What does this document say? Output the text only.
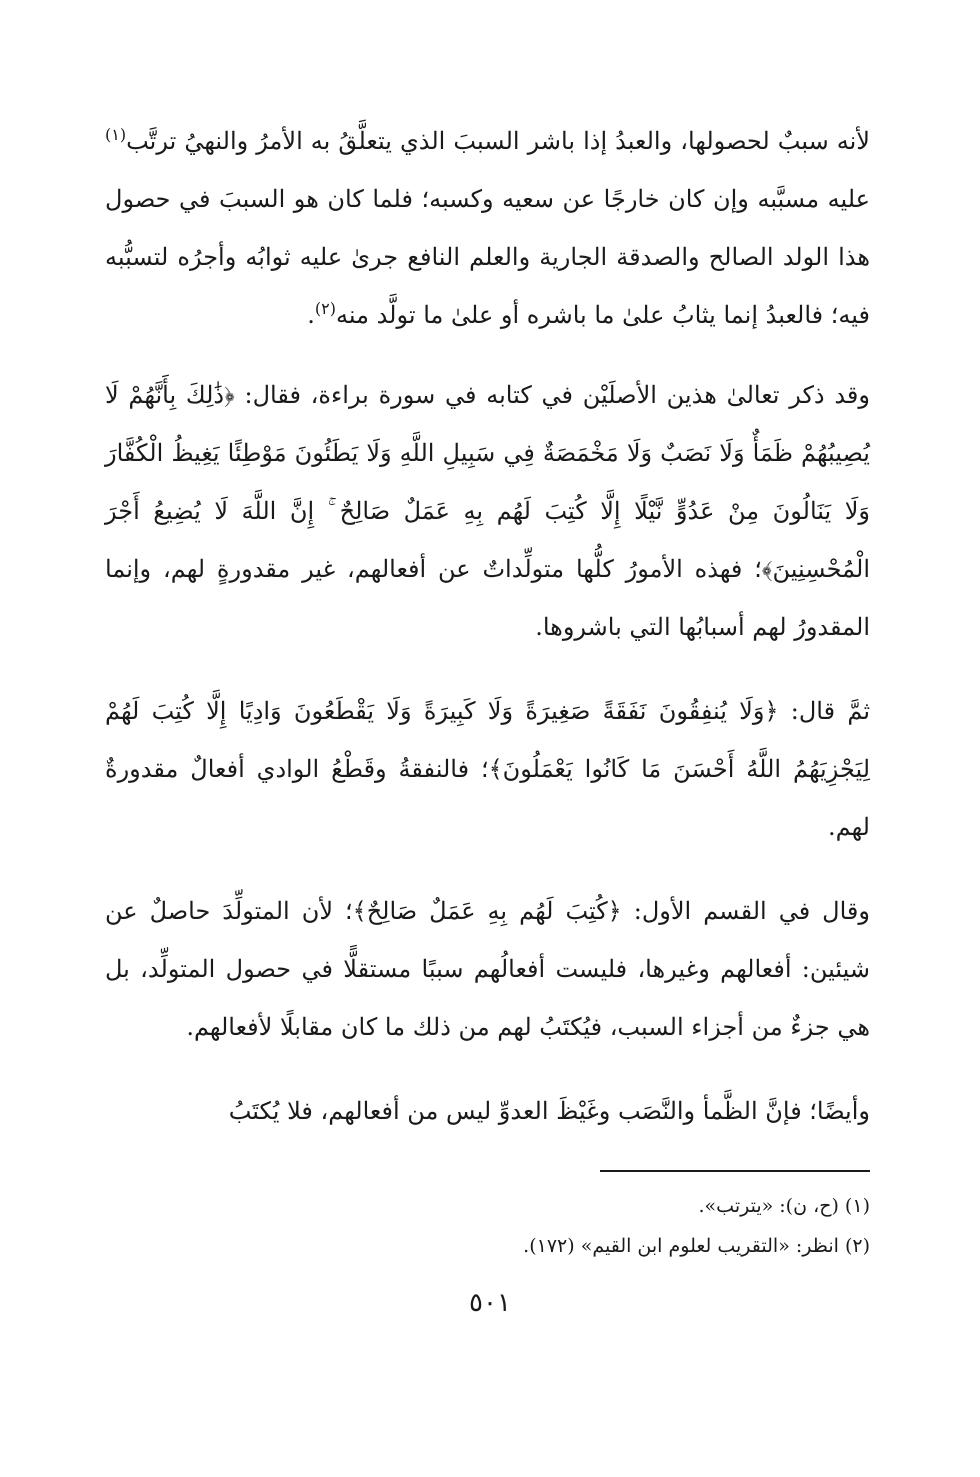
لأنه سببٌ لحصولها، والعبدُ إذا باشر السببَ الذي يتعلَّقُ به الأمرُ والنهيُ ترتَّب$^{(١)}$ عليه مسبَّبه وإن كان خارجًا عن سعيه وكسبه؛ فلما كان هو السببَ في حصول هذا الولد الصالح والصدقة الجارية والعلم النافع جرىٰ عليه ثوابُه وأجرُه لتسبُّبه فيه؛ فالعبدُ إنما يثابُ علىٰ ما باشره أو علىٰ ما تولَّد منه$^{(٢)}$.

وقد ذكر تعالىٰ هذين الأصلَيْن في كتابه في سورة براءة، فقال: ﴿ذَٰلِكَ بِأَنَّهُمْ لَا يُصِيبُهُمْ ظَمَأٌ وَلَا نَصَبٌ وَلَا مَخْمَصَةٌ فِي سَبِيلِ اللَّهِ وَلَا يَطَئُونَ مَوْطِئًا يَغِيظُ الْكُفَّارَ وَلَا يَنَالُونَ مِنْ عَدُوٍّ نَّيْلًا إِلَّا كُتِبَ لَهُم بِهِ عَمَلٌ صَالِحٌ ۚ إِنَّ اللَّهَ لَا يُضِيعُ أَجْرَ الْمُحْسِنِينَ﴾؛ فهذه الأمورُ كلُّها متولِّداتٌ عن أفعالهم، غير مقدورةٍ لهم، وإنما المقدورُ لهم أسبابُها التي باشروها.

ثمَّ قال: ﴿وَلَا يُنفِقُونَ نَفَقَةً صَغِيرَةً وَلَا كَبِيرَةً وَلَا يَقْطَعُونَ وَادِيًا إِلَّا كُتِبَ لَهُمْ لِيَجْزِيَهُمُ اللَّهُ أَحْسَنَ مَا كَانُوا يَعْمَلُونَ﴾؛ فالنفقةُ وقَطْعُ الوادي أفعالٌ مقدورةٌ لهم.

وقال في القسم الأول: ﴿كُتِبَ لَهُم بِهِ عَمَلٌ صَالِحٌ﴾؛ لأن المتولِّدَ حاصلٌ عن شيئين: أفعالهم وغيرها، فليست أفعالُهم سببًا مستقلًّا في حصول المتولِّد، بل هي جزءٌ من أجزاء السبب، فيُكتَبُ لهم من ذلك ما كان مقابلًا لأفعالهم.

وأيضًا؛ فإنَّ الظَّمأ والنَّصَب وغَيْظَ العدوِّ ليس من أفعالهم، فلا يُكتَبُ

(١) (ح، ن): «يترتب».

(٢) انظر: «التقريب لعلوم ابن القيم» (١٧٢).

٥٠١
